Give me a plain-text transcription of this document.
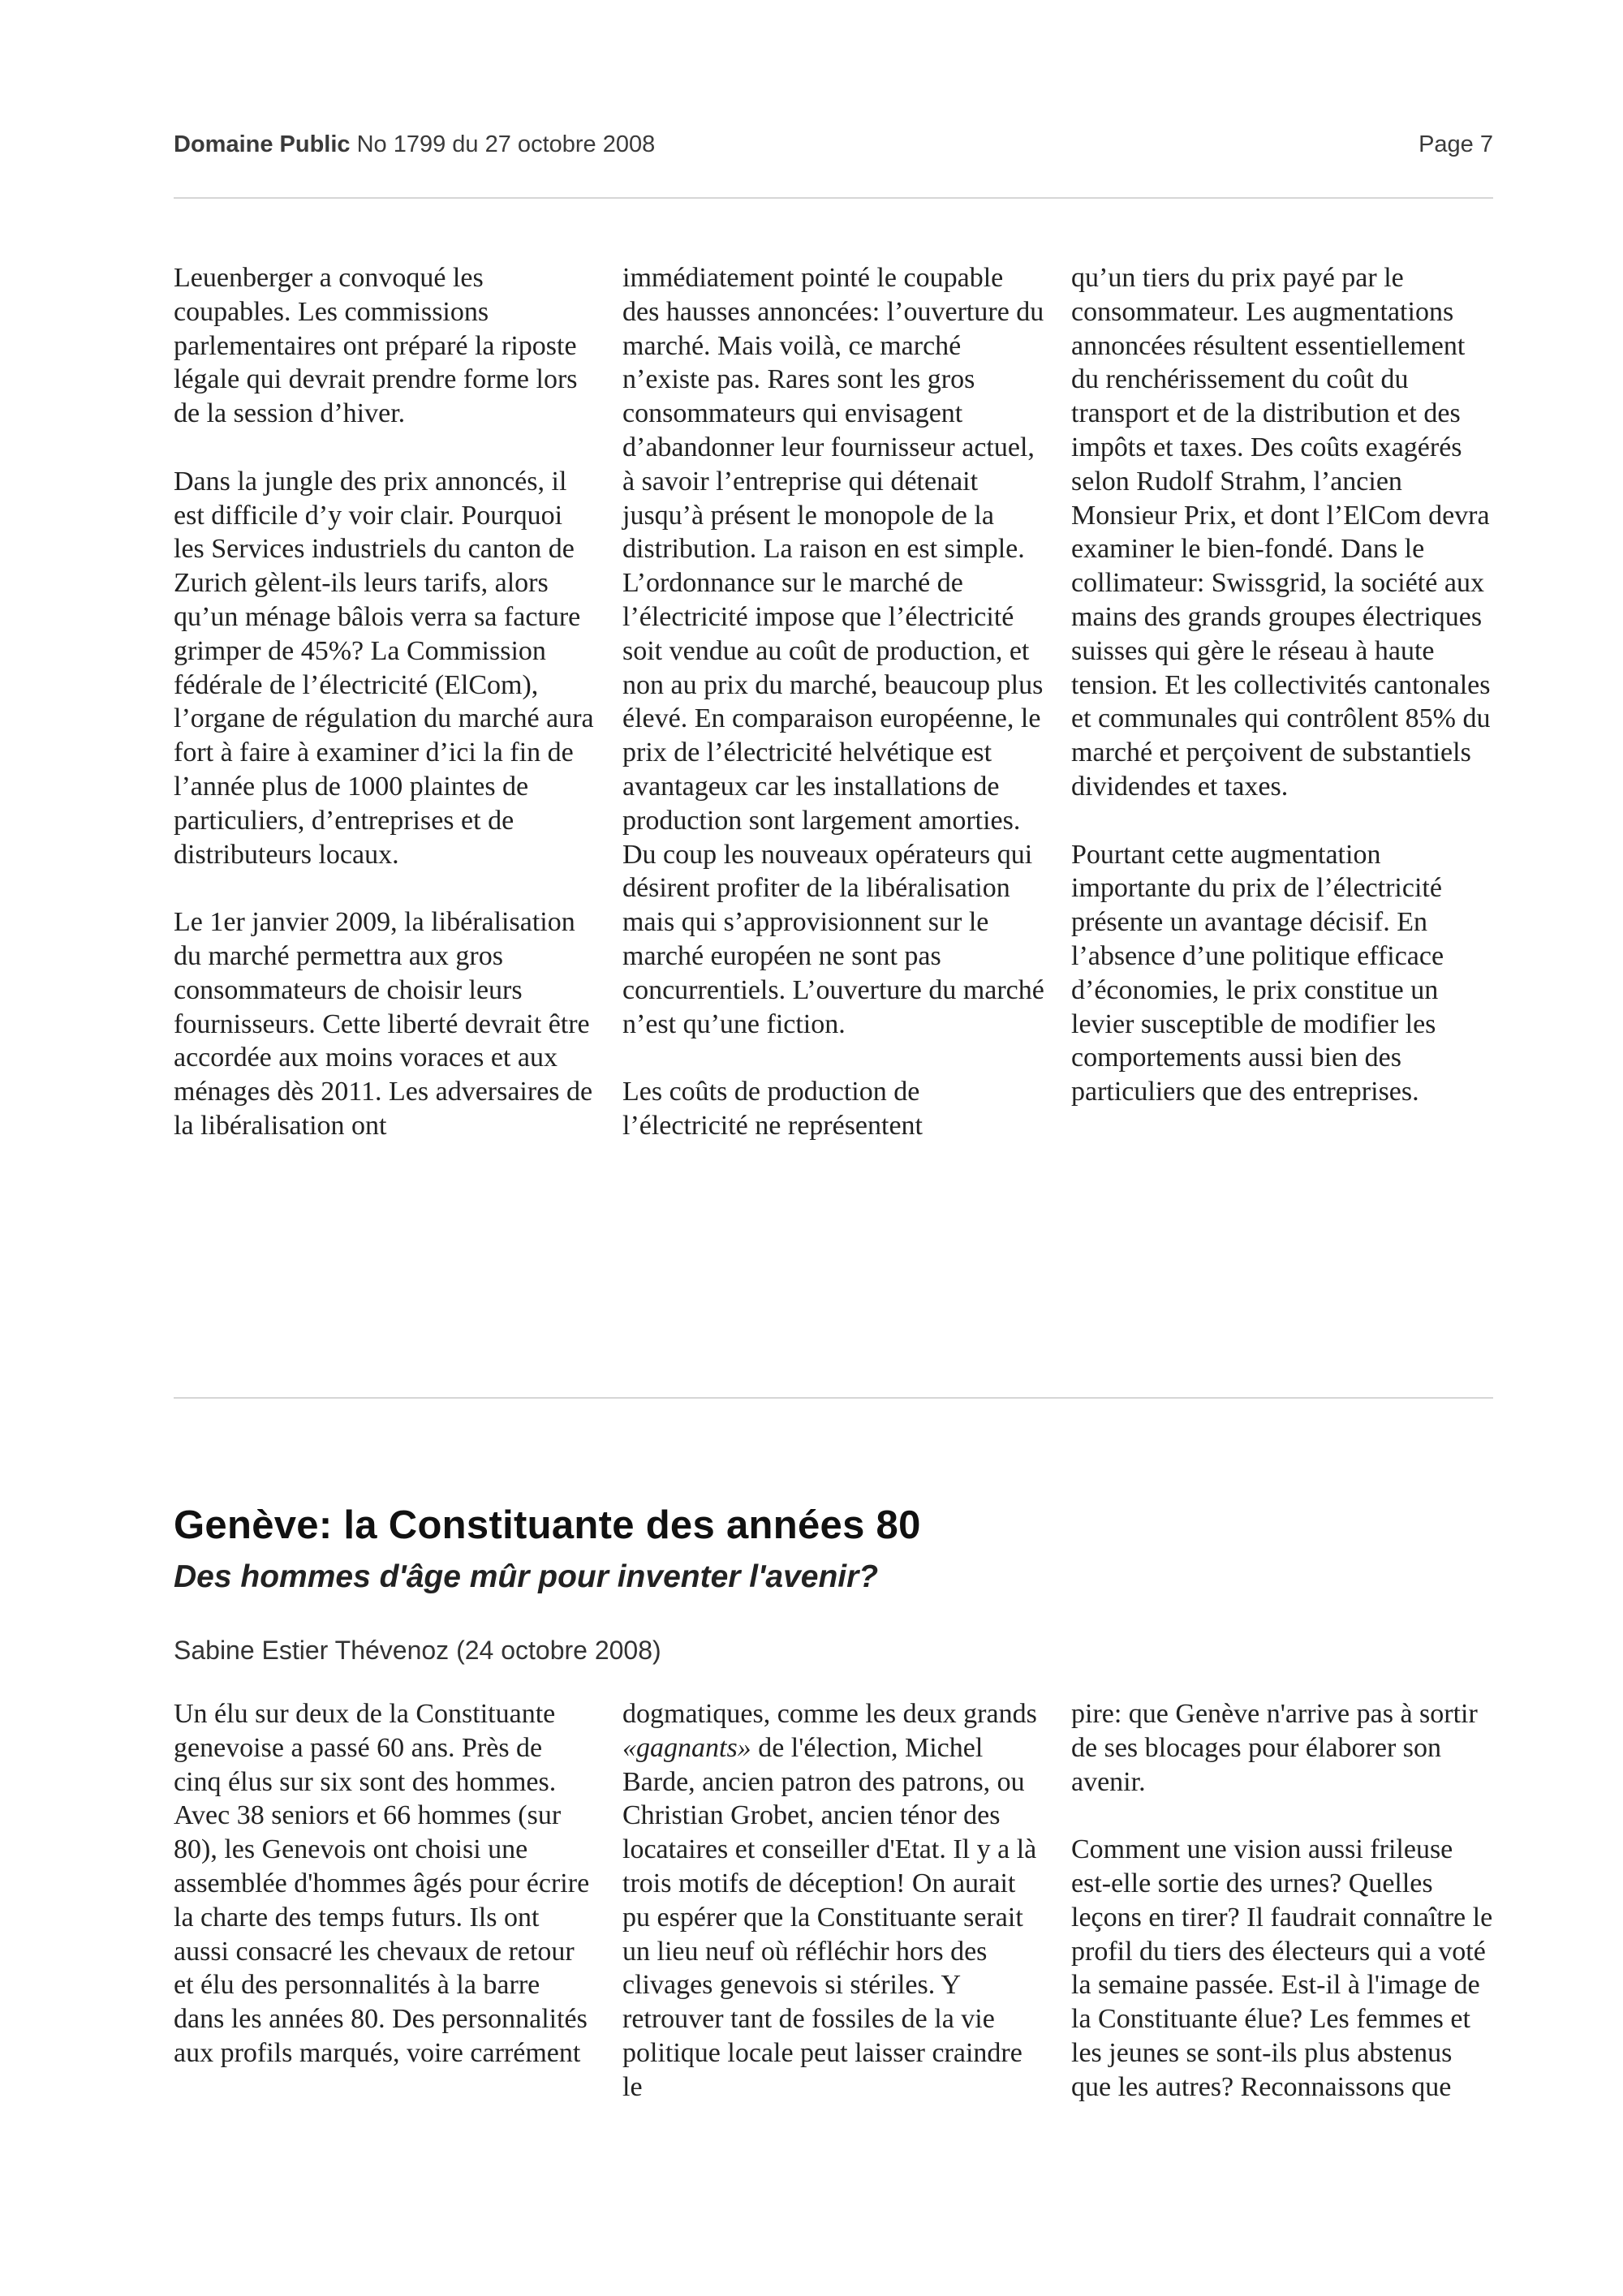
Domaine Public No 1799 du 27 octobre 2008	Page 7

Leuenberger a convoqué les coupables. Les commissions parlementaires ont préparé la riposte légale qui devrait prendre forme lors de la session d’hiver.

Dans la jungle des prix annoncés, il est difficile d’y voir clair. Pourquoi les Services industriels du canton de Zurich gèlent-ils leurs tarifs, alors qu’un ménage bâlois verra sa facture grimper de 45%? La Commission fédérale de l’électricité (ElCom), l’organe de régulation du marché aura fort à faire à examiner d’ici la fin de l’année plus de 1000 plaintes de particuliers, d’entreprises et de distributeurs locaux.

Le 1er janvier 2009, la libéralisation du marché permettra aux gros consommateurs de choisir leurs fournisseurs. Cette liberté devrait être accordée aux moins voraces et aux ménages dès 2011. Les adversaires de la libéralisation ont

immédiatement pointé le coupable des hausses annoncées: l’ouverture du marché. Mais voilà, ce marché n’existe pas. Rares sont les gros consommateurs qui envisagent d’abandonner leur fournisseur actuel, à savoir l’entreprise qui détenait jusqu’à présent le monopole de la distribution. La raison en est simple. L’ordonnance sur le marché de l’électricité impose que l’électricité soit vendue au coût de production, et non au prix du marché, beaucoup plus élevé. En comparaison européenne, le prix de l’électricité helvétique est avantageux car les installations de production sont largement amorties. Du coup les nouveaux opérateurs qui désirent profiter de la libéralisation mais qui s’approvisionnent sur le marché européen ne sont pas concurrentiels. L’ouverture du marché n’est qu’une fiction.

Les coûts de production de l’électricité ne représentent

qu’un tiers du prix payé par le consommateur. Les augmentations annoncées résultent essentiellement du renchérissement du coût du transport et de la distribution et des impôts et taxes. Des coûts exagérés selon Rudolf Strahm, l’ancien Monsieur Prix, et dont l’ElCom devra examiner le bien-fondé. Dans le collimateur: Swissgrid, la société aux mains des grands groupes électriques suisses qui gère le réseau à haute tension. Et les collectivités cantonales et communales qui contrôlent 85% du marché et perçoivent de substantiels dividendes et taxes.

Pourtant cette augmentation importante du prix de l’électricité présente un avantage décisif. En l’absence d’une politique efficace d’économies, le prix constitue un levier susceptible de modifier les comportements aussi bien des particuliers que des entreprises.

Genève: la Constituante des années 80
Des hommes d'âge mûr pour inventer l'avenir?

Sabine Estier Thévenoz (24 octobre 2008)

Un élu sur deux de la Constituante genevoise a passé 60 ans. Près de cinq élus sur six sont des hommes. Avec 38 seniors et 66 hommes (sur 80), les Genevois ont choisi une assemblée d'hommes âgés pour écrire la charte des temps futurs. Ils ont aussi consacré les chevaux de retour et élu des personnalités à la barre dans les années 80. Des personnalités aux profils marqués, voire carrément

dogmatiques, comme les deux grands «gagnants» de l'élection, Michel Barde, ancien patron des patrons, ou Christian Grobet, ancien ténor des locataires et conseiller d'Etat. Il y a là trois motifs de déception! On aurait pu espérer que la Constituante serait un lieu neuf où réfléchir hors des clivages genevois si stériles. Y retrouver tant de fossiles de la vie politique locale peut laisser craindre le

pire: que Genève n'arrive pas à sortir de ses blocages pour élaborer son avenir.

Comment une vision aussi frileuse est-elle sortie des urnes? Quelles leçons en tirer? Il faudrait connaître le profil du tiers des électeurs qui a voté la semaine passée. Est-il à l'image de la Constituante élue? Les femmes et les jeunes se sont-ils plus abstenus que les autres? Reconnaissons que
